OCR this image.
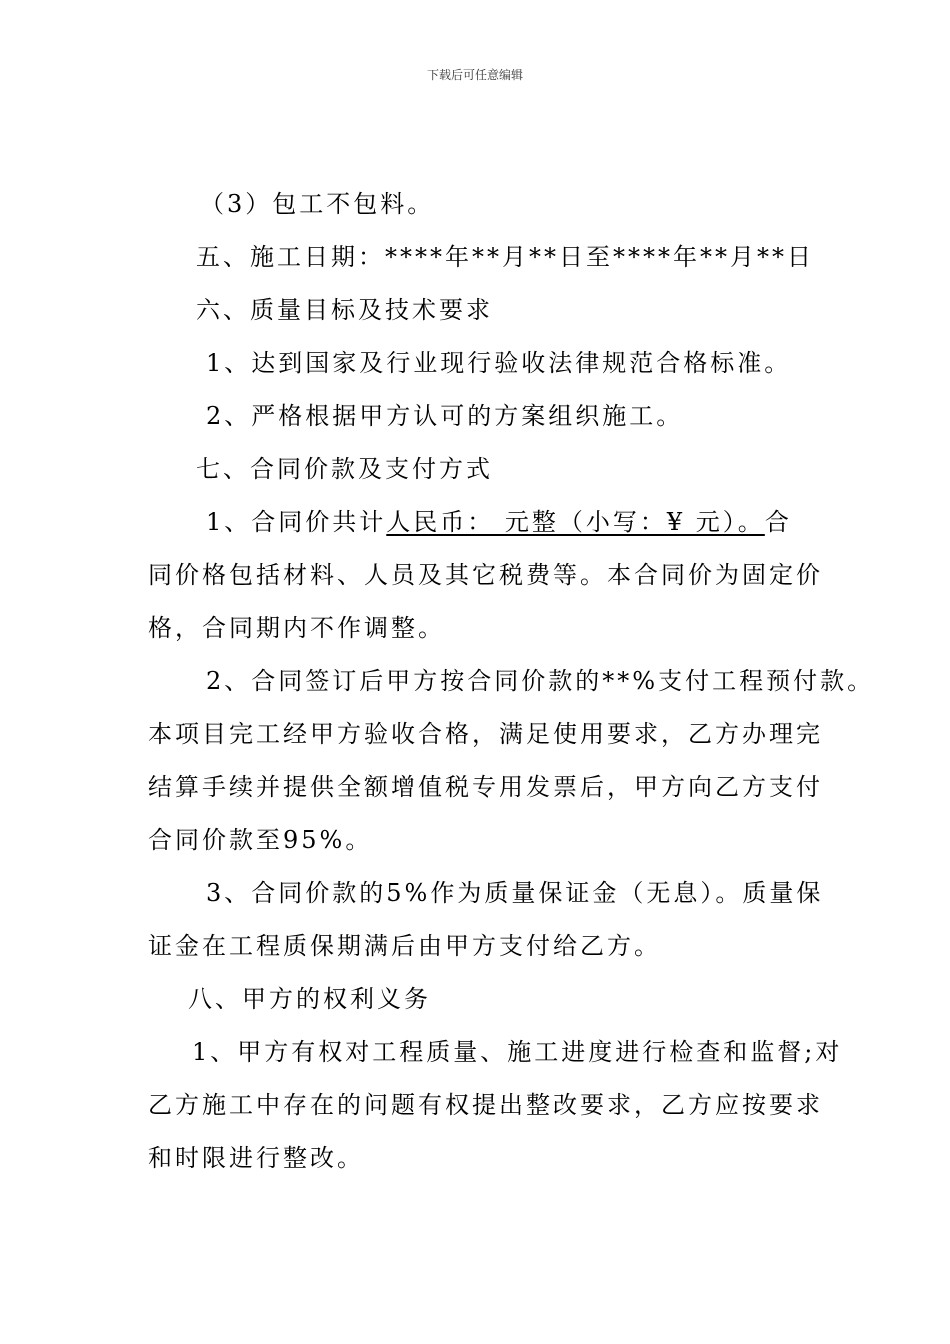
下载后可任意编辑
（3）包工不包料。
五、施工日期：****年**月**日至****年**月**日
六、质量目标及技术要求
1、达到国家及行业现行验收法律规范合格标准。
2、严格根据甲方认可的方案组织施工。
七、合同价款及支付方式
1、合同价共计人民币： 元整（小写：¥ 元）。合
同价格包括材料、人员及其它税费等。本合同价为固定价
格，合同期内不作调整。
2、合同签订后甲方按合同价款的**%支付工程预付款。
本项目完工经甲方验收合格，满足使用要求，乙方办理完
结算手续并提供全额增值税专用发票后，甲方向乙方支付
合同价款至95%。
3、合同价款的5%作为质量保证金（无息）。质量保
证金在工程质保期满后由甲方支付给乙方。
八、甲方的权利义务
1、甲方有权对工程质量、施工进度进行检查和监督;对
乙方施工中存在的问题有权提出整改要求，乙方应按要求
和时限进行整改。
